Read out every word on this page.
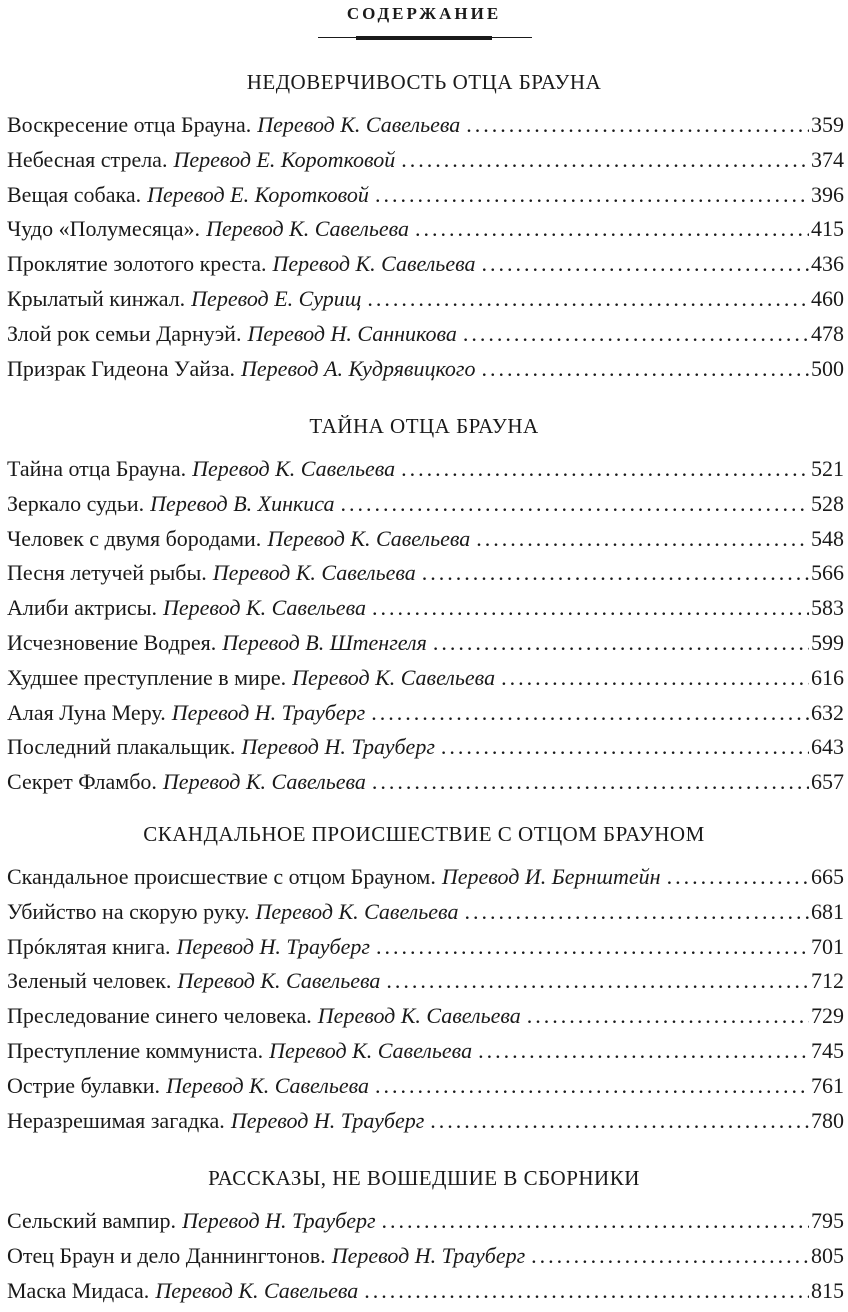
СОДЕРЖАНИЕ
НЕДОВЕРЧИВОСТЬ ОТЦА БРАУНА
Воскресение отца Брауна. Перевод К. Савельева .....	359
Небесная стрела. Перевод Е. Коротковой .....	374
Вещая собака. Перевод Е. Коротковой .....	396
Чудо «Полумесяца». Перевод К. Савельева .....	415
Проклятие золотого креста. Перевод К. Савельева .....	436
Крылатый кинжал. Перевод Е. Сурищ .....	460
Злой рок семьи Дарнуэй. Перевод Н. Санникова .....	478
Призрак Гидеона Уайза. Перевод А. Кудрявицкого .....	500
ТАЙНА ОТЦА БРАУНА
Тайна отца Брауна. Перевод К. Савельева .....	521
Зеркало судьи. Перевод В. Хинкиса .....	528
Человек с двумя бородами. Перевод К. Савельева .....	548
Песня летучей рыбы. Перевод К. Савельева .....	566
Алиби актрисы. Перевод К. Савельева .....	583
Исчезновение Водрея. Перевод В. Штенгеля .....	599
Худшее преступление в мире. Перевод К. Савельева .....	616
Алая Луна Меру. Перевод Н. Трауберг .....	632
Последний плакальщик. Перевод Н. Трауберг .....	643
Секрет Фламбо. Перевод К. Савельева .....	657
СКАНДАЛЬНОЕ ПРОИСШЕСТВИЕ С ОТЦОМ БРАУНОМ
Скандальное происшествие с отцом Брауном. Перевод И. Бернштейн .....	665
Убийство на скорую руку. Перевод К. Савельева .....	681
Прóклятая книга. Перевод Н. Трауберг .....	701
Зеленый человек. Перевод К. Савельева .....	712
Преследование синего человека. Перевод К. Савельева .....	729
Преступление коммуниста. Перевод К. Савельева .....	745
Острие булавки. Перевод К. Савельева .....	761
Неразрешимая загадка. Перевод Н. Трауберг .....	780
РАССКАЗЫ, НЕ ВОШЕДШИЕ В СБОРНИКИ
Сельский вампир. Перевод Н. Трауберг .....	795
Отец Браун и дело Даннингтонов. Перевод Н. Трауберг .....	805
Маска Мидаса. Перевод К. Савельева .....	815
